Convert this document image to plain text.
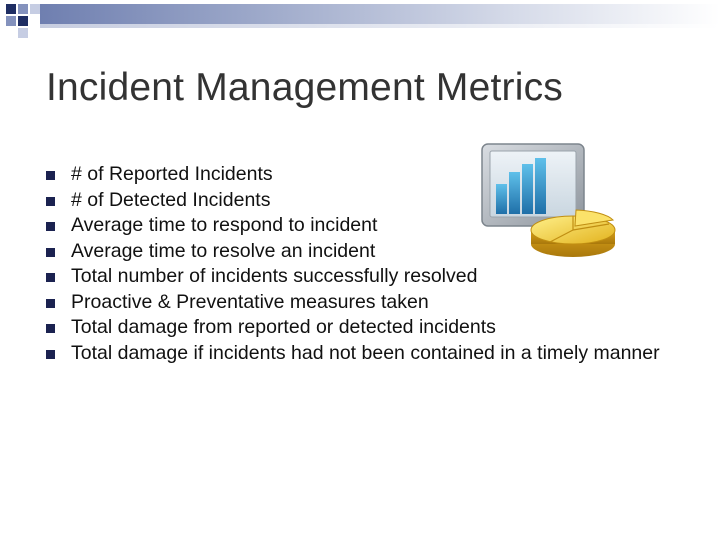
Incident Management Metrics
# of Reported Incidents
# of Detected Incidents
Average time to respond to incident
Average time to resolve an incident
Total number of incidents successfully resolved
Proactive & Preventative measures taken
Total damage from reported or detected incidents
Total damage if incidents had not been contained in a timely manner
